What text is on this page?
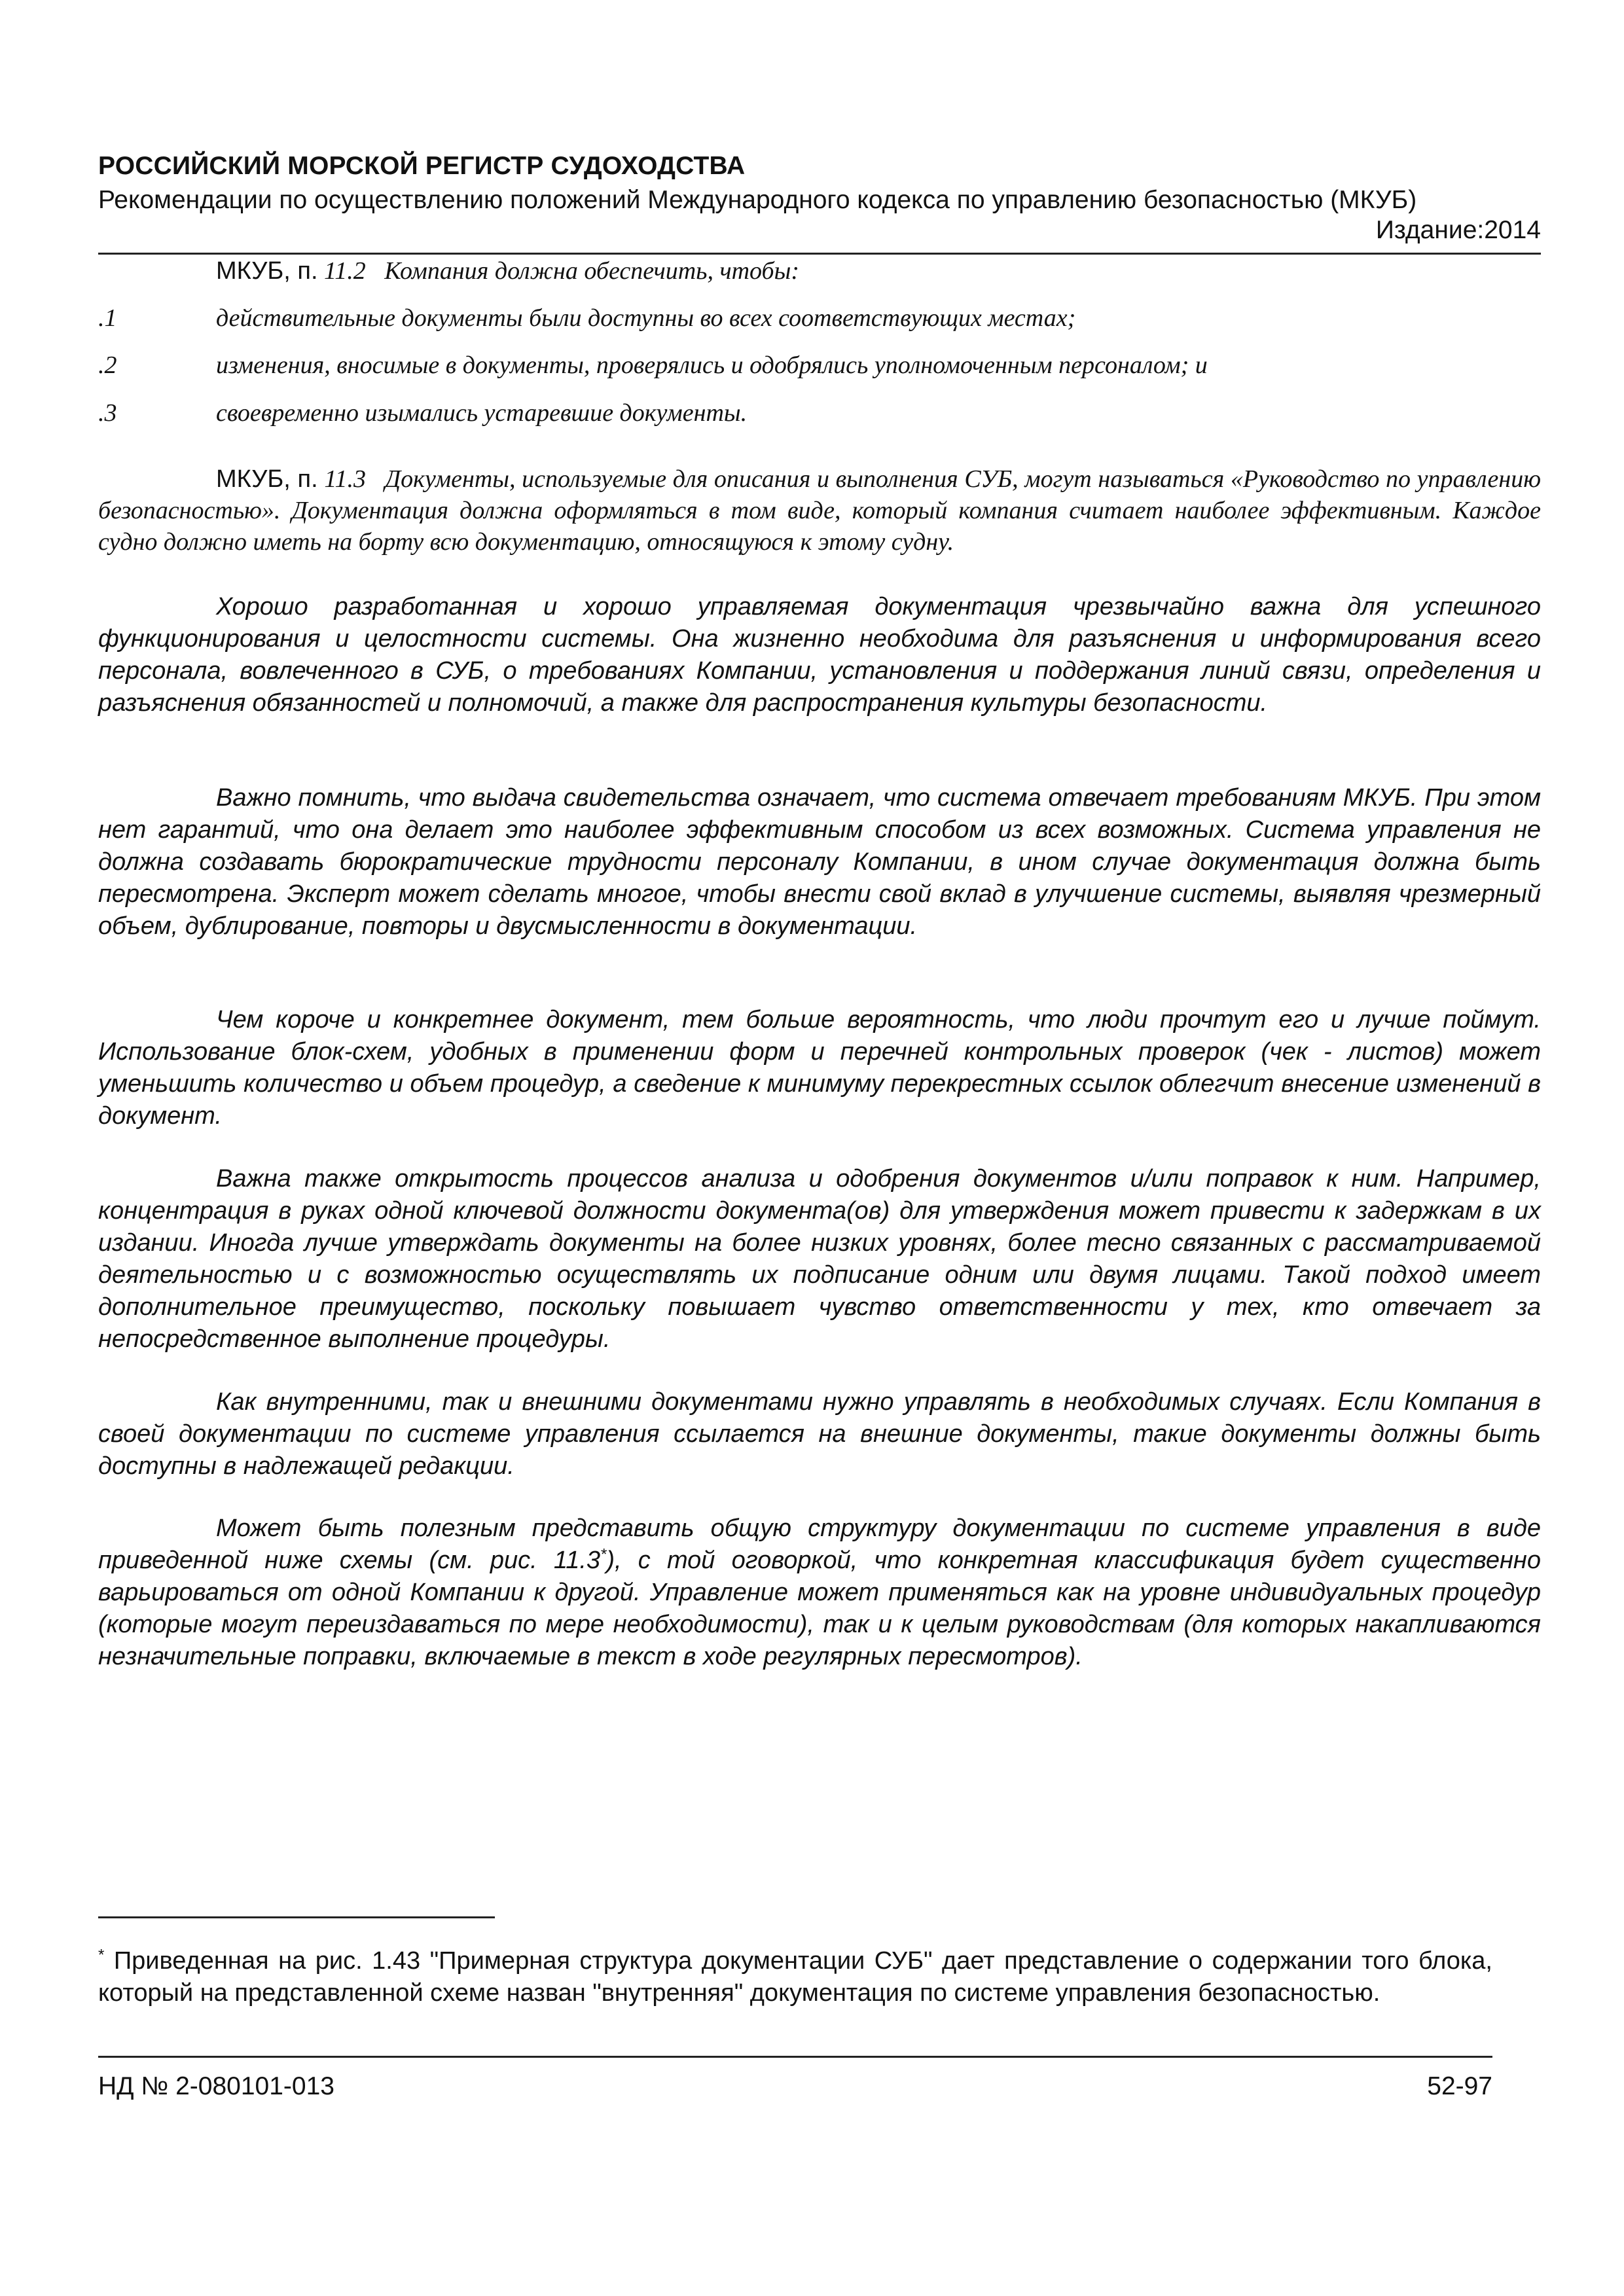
РОССИЙСКИЙ МОРСКОЙ РЕГИСТР СУДОХОДСТВА
Рекомендации по осуществлению положений Международного кодекса по управлению безопасностью (МКУБ)
Издание:2014
МКУБ, п. 11.2 Компания должна обеспечить, чтобы:
.1	действительные документы были доступны во всех соответствующих местах;
.2	изменения, вносимые в документы, проверялись и одобрялись уполномоченным персоналом; и
.3	своевременно изымались устаревшие документы.
МКУБ, п. 11.3 Документы, используемые для описания и выполнения СУБ, могут называться «Руководство по управлению безопасностью». Документация должна оформляться в том виде, который компания считает наиболее эффективным. Каждое судно должно иметь на борту всю документацию, относящуюся к этому судну.
Хорошо разработанная и хорошо управляемая документация чрезвычайно важна для успешного функционирования и целостности системы. Она жизненно необходима для разъяснения и информирования всего персонала, вовлеченного в СУБ, о требованиях Компании, установления и поддержания линий связи, определения и разъяснения обязанностей и полномочий, а также для распространения культуры безопасности.
Важно помнить, что выдача свидетельства означает, что система отвечает требованиям МКУБ. При этом нет гарантий, что она делает это наиболее эффективным способом из всех возможных. Система управления не должна создавать бюрократические трудности персоналу Компании, в ином случае документация должна быть пересмотрена. Эксперт может сделать многое, чтобы внести свой вклад в улучшение системы, выявляя чрезмерный объем, дублирование, повторы и двусмысленности в документации.
Чем короче и конкретнее документ, тем больше вероятность, что люди прочтут его и лучше поймут. Использование блок-схем, удобных в применении форм и перечней контрольных проверок (чек - листов) может уменьшить количество и объем процедур, а сведение к минимуму перекрестных ссылок облегчит внесение изменений в документ.
Важна также открытость процессов анализа и одобрения документов и/или поправок к ним. Например, концентрация в руках одной ключевой должности документа(ов) для утверждения может привести к задержкам в их издании. Иногда лучше утверждать документы на более низких уровнях, более тесно связанных с рассматриваемой деятельностью и с возможностью осуществлять их подписание одним или двумя лицами. Такой подход имеет дополнительное преимущество, поскольку повышает чувство ответственности у тех, кто отвечает за непосредственное выполнение процедуры.
Как внутренними, так и внешними документами нужно управлять в необходимых случаях. Если Компания в своей документации по системе управления ссылается на внешние документы, такие документы должны быть доступны в надлежащей редакции.
Может быть полезным представить общую структуру документации по системе управления в виде приведенной ниже схемы (см. рис. 11.3*), с той оговоркой, что конкретная классификация будет существенно варьироваться от одной Компании к другой. Управление может применяться как на уровне индивидуальных процедур (которые могут переиздаваться по мере необходимости), так и к целым руководствам (для которых накапливаются незначительные поправки, включаемые в текст в ходе регулярных пересмотров).
* Приведенная на рис. 1.43 "Примерная структура документации СУБ" дает представление о содержании того блока, который на представленной схеме назван "внутренняя" документация по системе управления безопасностью.
НД № 2-080101-013	52-97
